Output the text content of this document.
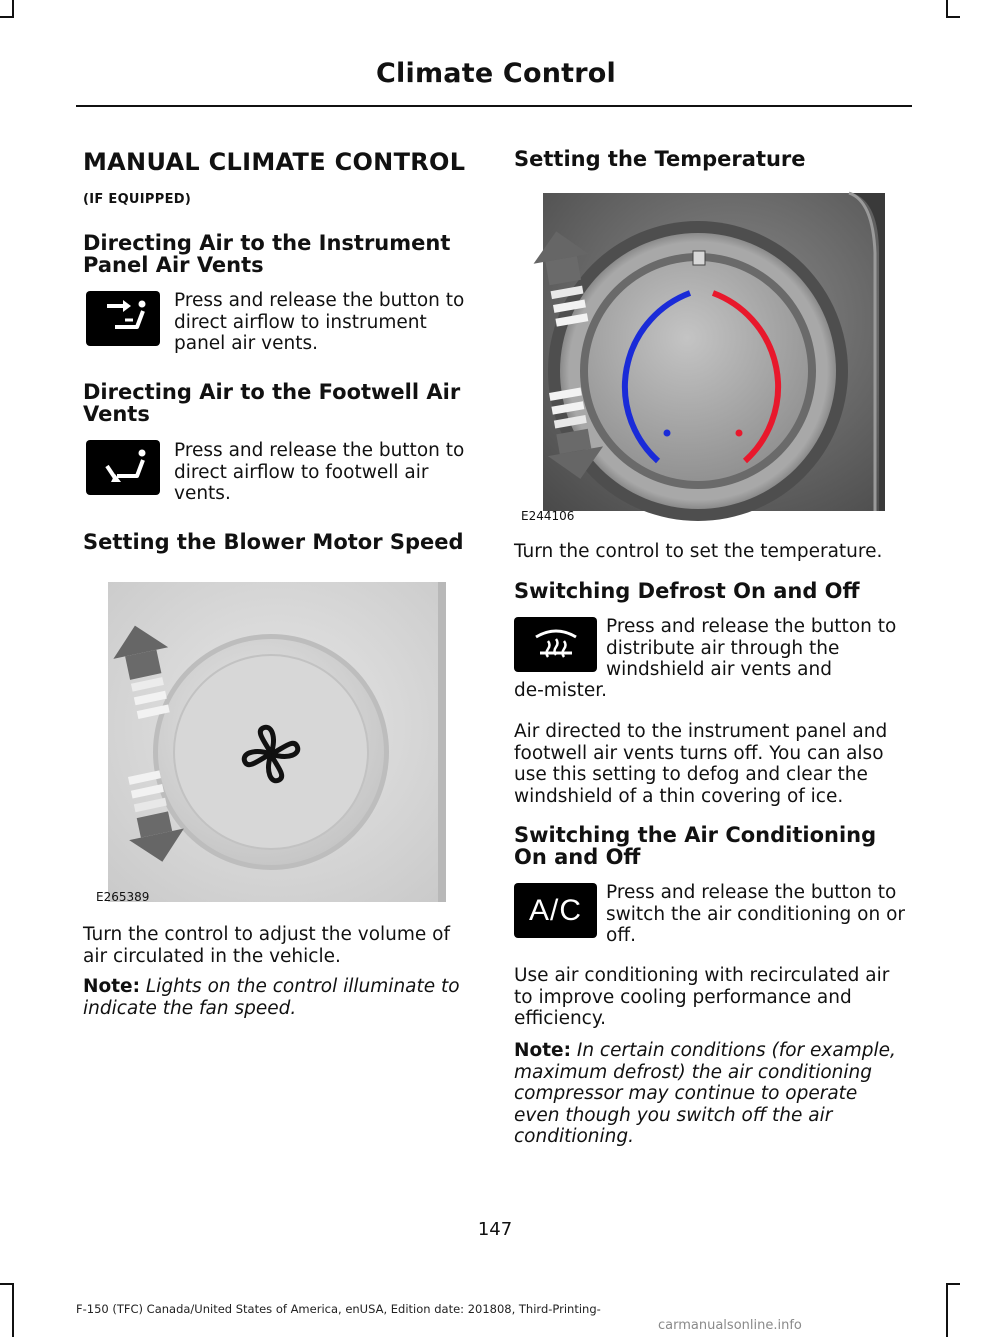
Climate Control
MANUAL CLIMATE CONTROL
(IF EQUIPPED)
Directing Air to the Instrument Panel Air Vents
Press and release the button to direct airflow to instrument panel air vents.
Directing Air to the Footwell Air Vents
Press and release the button to direct airflow to footwell air vents.
Setting the Blower Motor Speed
E265389
Turn the control to adjust the volume of air circulated in the vehicle.
Note: Lights on the control illuminate to indicate the fan speed.
Setting the Temperature
E244106
Turn the control to set the temperature.
Switching Defrost On and Off
Press and release the button to distribute air through the windshield air vents and
de-mister.
Air directed to the instrument panel and footwell air vents turns off. You can also use this setting to defog and clear the windshield of a thin covering of ice.
Switching the Air Conditioning On and Off
A/C
Press and release the button to switch the air conditioning on or off.
Use air conditioning with recirculated air to improve cooling performance and efficiency.
Note: In certain conditions (for example, maximum defrost) the air conditioning compressor may continue to operate even though you switch off the air conditioning.
147
F-150 (TFC) Canada/United States of America, enUSA, Edition date: 201808, Third-Printing-
carmanualsonline.info
